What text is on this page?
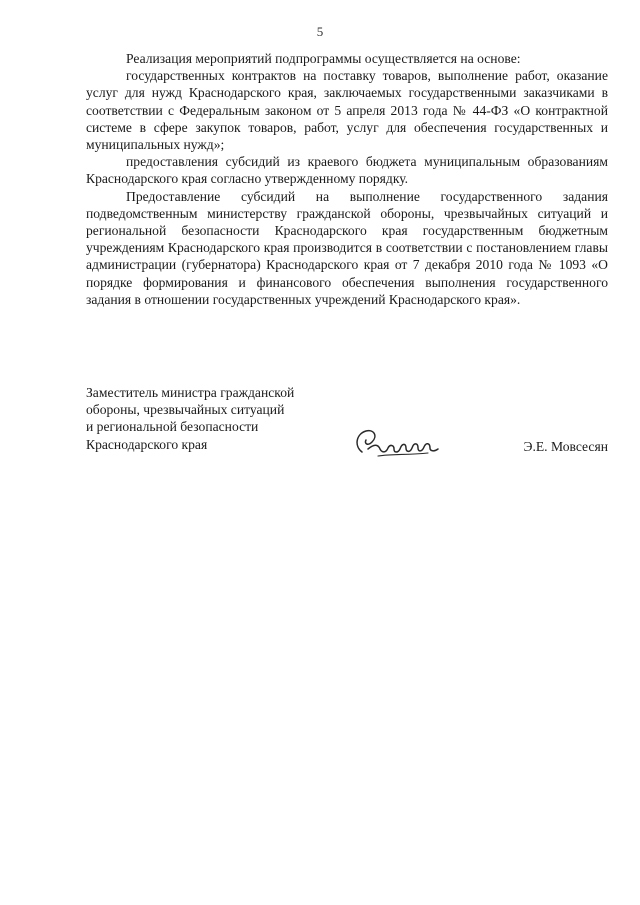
5

Реализация мероприятий подпрограммы осуществляется на основе:

государственных контрактов на поставку товаров, выполнение работ, оказание услуг для нужд Краснодарского края, заключаемых государственными заказчиками в соответствии с Федеральным законом от 5 апреля 2013 года № 44-ФЗ «О контрактной системе в сфере закупок товаров, работ, услуг для обеспечения государственных и муниципальных нужд»;

предоставления субсидий из краевого бюджета муниципальным образованиям Краснодарского края согласно утвержденному порядку.

Предоставление субсидий на выполнение государственного задания подведомственным министерству гражданской обороны, чрезвычайных ситуаций и региональной безопасности Краснодарского края государственным бюджетным учреждениям Краснодарского края производится в соответствии с постановлением главы администрации (губернатора) Краснодарского края от 7 декабря 2010 года № 1093 «О порядке формирования и финансового обеспечения выполнения государственного задания в отношении государственных учреждений Краснодарского края».

Заместитель министра гражданской
обороны, чрезвычайных ситуаций
и региональной безопасности
Краснодарского края	Э.Е. Мовсесян
